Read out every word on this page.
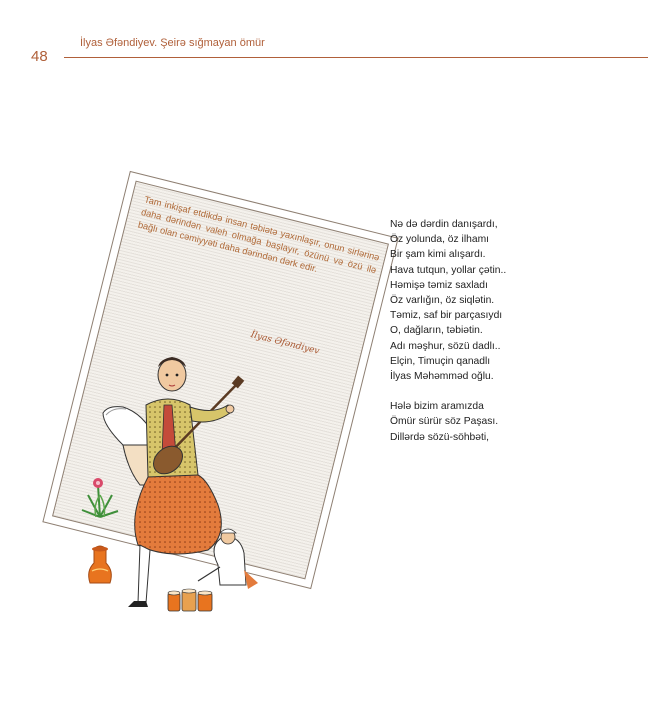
48
İlyas Əfəndiyev. Şeirə sığmayan ömür
Tam inkişaf etdikdə insan təbiətə yaxınlaşır, onun sirlərinə daha dərindən valeh olmağa başlayır, özünü və özü ilə bağlı olan cəmiyyəti daha dərindən dərk edir.
İlyas Əfəndiyev
Nə də dərdin danışardı,
Öz yolunda, öz ilhamı
Bir şam kimi alışardı.
Hava tutqun, yollar çətin..
Həmişə təmiz saxladı
Öz varlığın, öz siqlətin.
Təmiz, saf bir parçasıydı
O, dağların, təbiətin.
Adı məşhur, sözü dadlı..
Elçin, Timuçin qanadlı
İlyas Məhəmməd oğlu.
Hələ bizim aramızda
Ömür sürür söz Paşası.
Dillərdə sözü-söhbəti,
